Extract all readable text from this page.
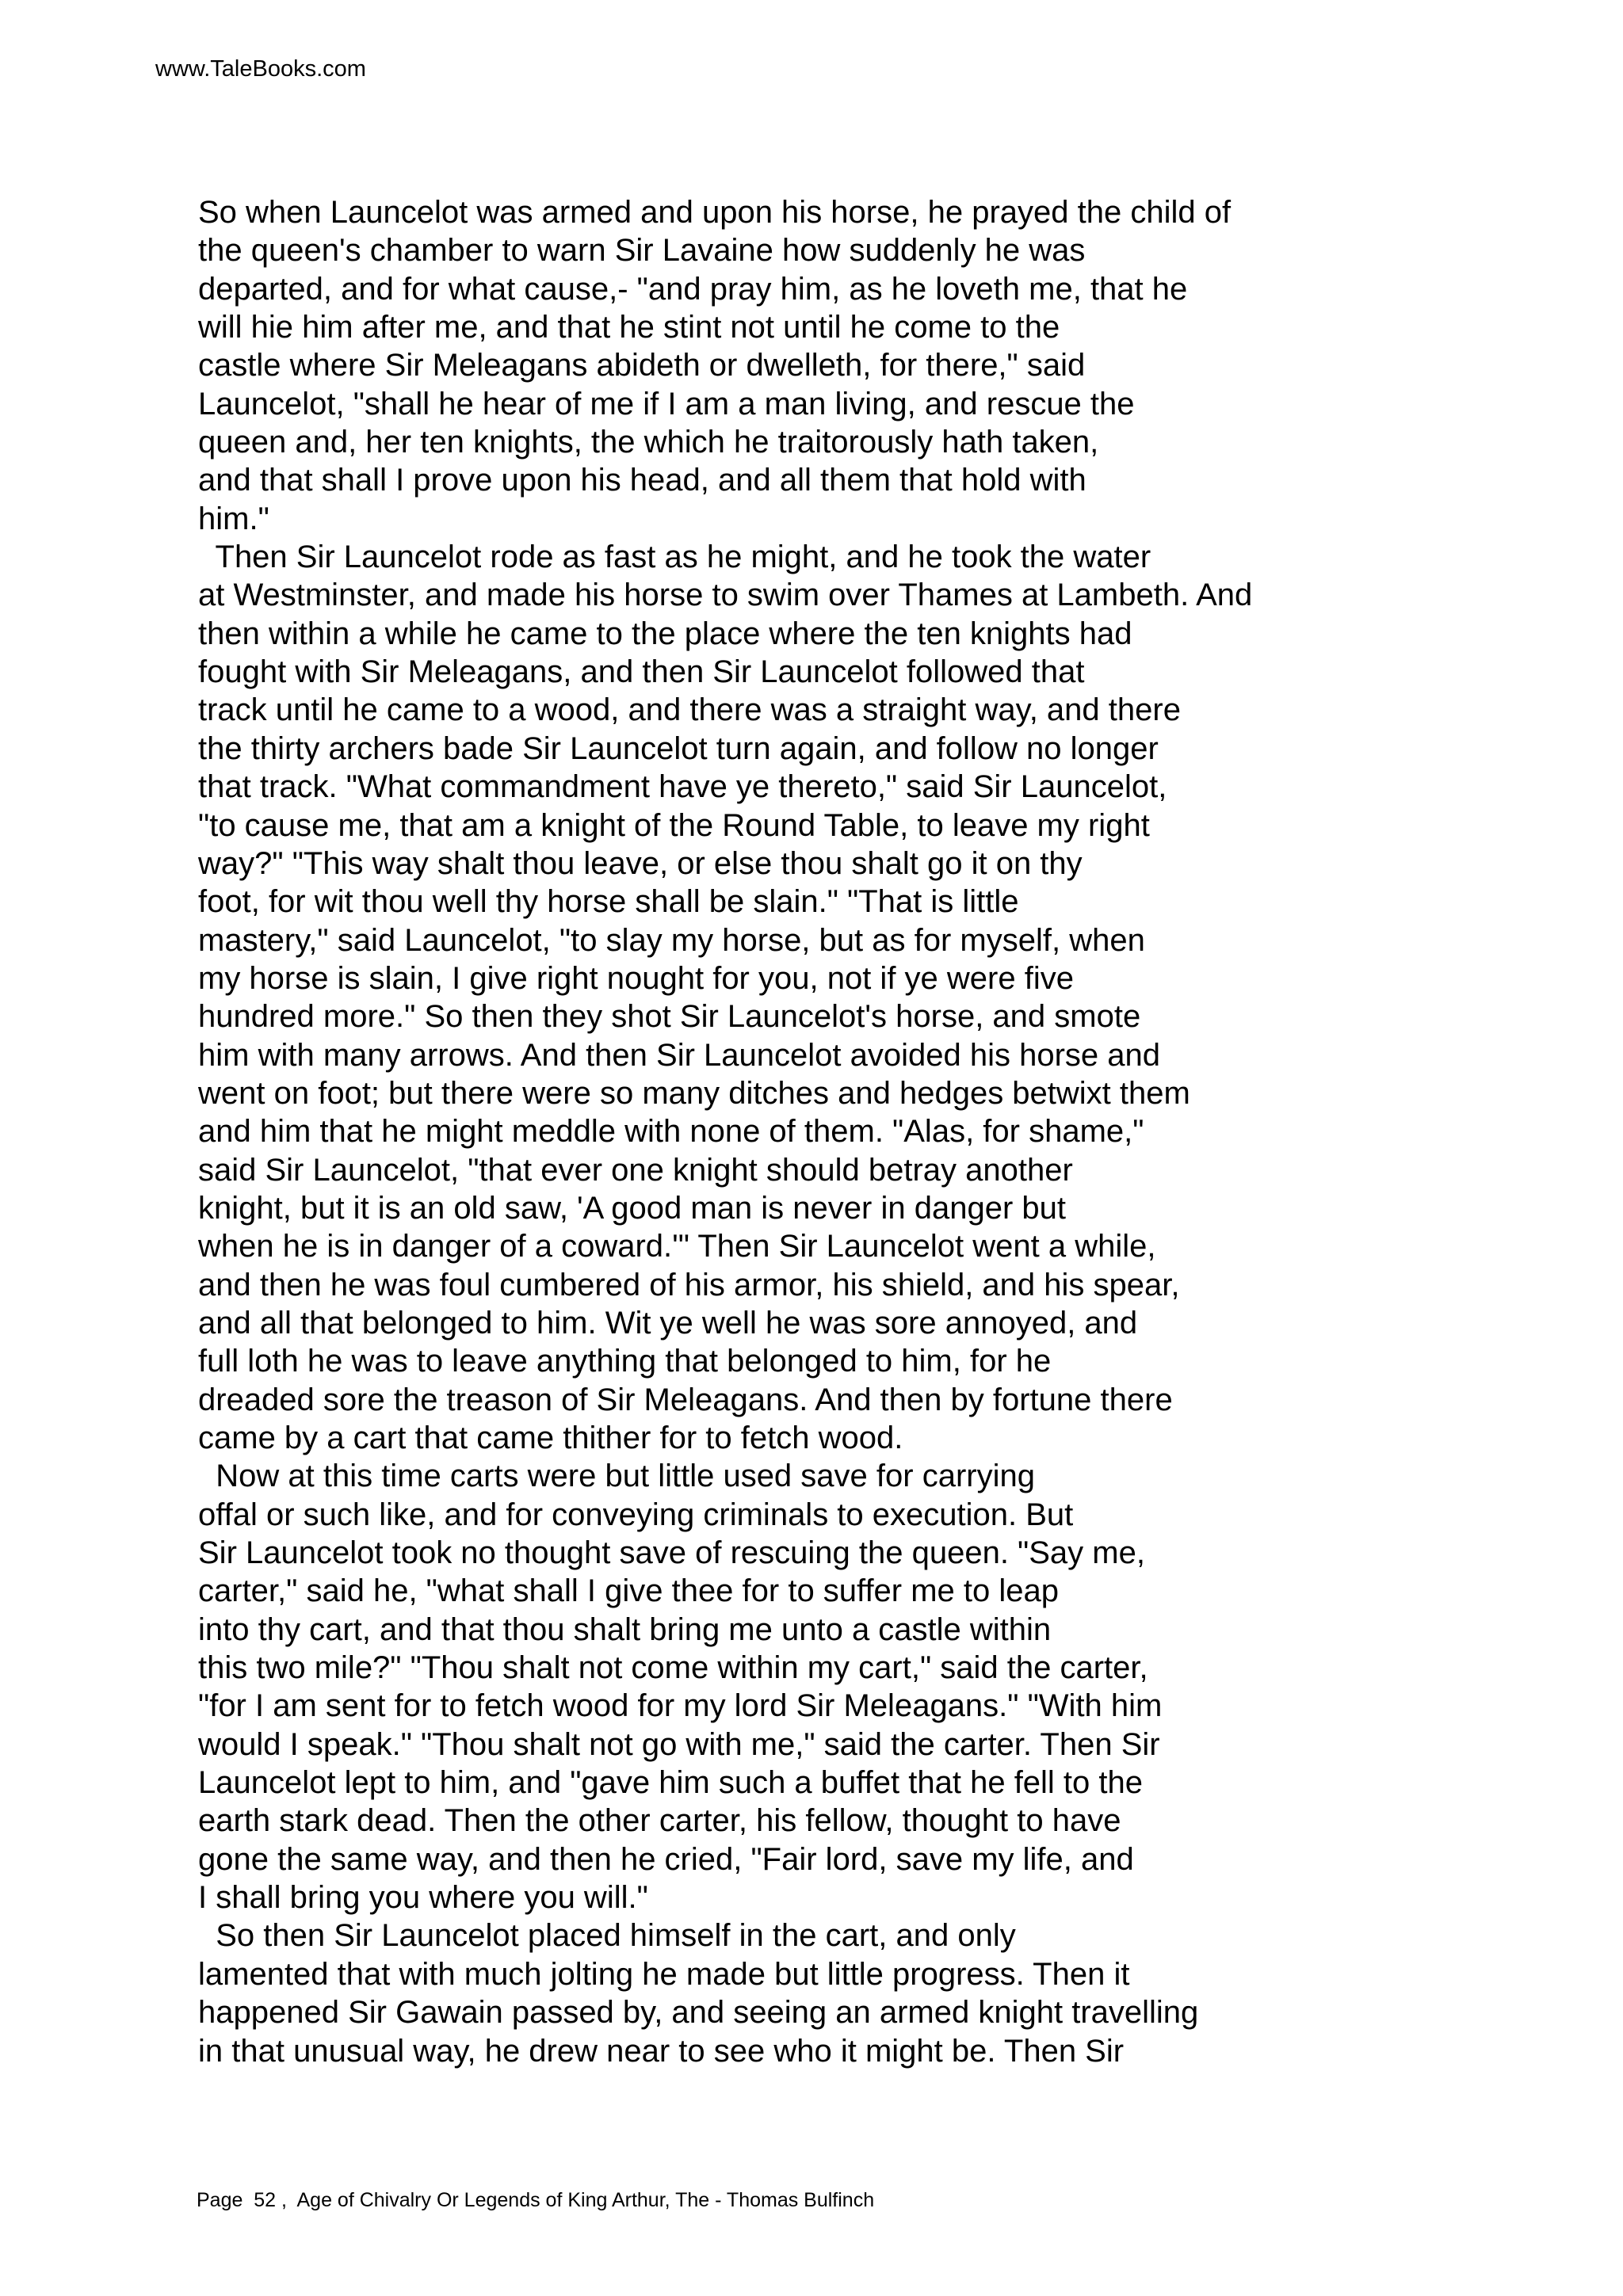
www.TaleBooks.com

So when Launcelot was armed and upon his horse, he prayed the child of

the queen's chamber to warn Sir Lavaine how suddenly he was

departed, and for what cause,- "and pray him, as he loveth me, that he

will hie him after me, and that he stint not until he come to the

castle where Sir Meleagans abideth or dwelleth, for there," said

Launcelot, "shall he hear of me if I am a man living, and rescue the

queen and, her ten knights, the which he traitorously hath taken,

and that shall I prove upon his head, and all them that hold with

him."

Then Sir Launcelot rode as fast as he might, and he took the water

at Westminster, and made his horse to swim over Thames at Lambeth. And

then within a while he came to the place where the ten knights had

fought with Sir Meleagans, and then Sir Launcelot followed that

track until he came to a wood, and there was a straight way, and there

the thirty archers bade Sir Launcelot turn again, and follow no longer

that track. "What commandment have ye thereto," said Sir Launcelot,

"to cause me, that am a knight of the Round Table, to leave my right

way?" "This way shalt thou leave, or else thou shalt go it on thy

foot, for wit thou well thy horse shall be slain." "That is little

mastery," said Launcelot, "to slay my horse, but as for myself, when

my horse is slain, I give right nought for you, not if ye were five

hundred more." So then they shot Sir Launcelot's horse, and smote

him with many arrows. And then Sir Launcelot avoided his horse and

went on foot; but there were so many ditches and hedges betwixt them

and him that he might meddle with none of them. "Alas, for shame,"

said Sir Launcelot, "that ever one knight should betray another

knight, but it is an old saw, 'A good man is never in danger but

when he is in danger of a coward.'" Then Sir Launcelot went a while,

and then he was foul cumbered of his armor, his shield, and his spear,

and all that belonged to him. Wit ye well he was sore annoyed, and

full loth he was to leave anything that belonged to him, for he

dreaded sore the treason of Sir Meleagans. And then by fortune there

came by a cart that came thither for to fetch wood.

Now at this time carts were but little used save for carrying

offal or such like, and for conveying criminals to execution. But

Sir Launcelot took no thought save of rescuing the queen. "Say me,

carter," said he, "what shall I give thee for to suffer me to leap

into thy cart, and that thou shalt bring me unto a castle within

this two mile?" "Thou shalt not come within my cart," said the carter,

"for I am sent for to fetch wood for my lord Sir Meleagans." "With him

would I speak." "Thou shalt not go with me," said the carter. Then Sir

Launcelot lept to him, and "gave him such a buffet that he fell to the

earth stark dead. Then the other carter, his fellow, thought to have

gone the same way, and then he cried, "Fair lord, save my life, and

I shall bring you where you will."

So then Sir Launcelot placed himself in the cart, and only

lamented that with much jolting he made but little progress. Then it

happened Sir Gawain passed by, and seeing an armed knight travelling

in that unusual way, he drew near to see who it might be. Then Sir

Page  52 ,  Age of Chivalry Or Legends of King Arthur, The - Thomas Bulfinch
